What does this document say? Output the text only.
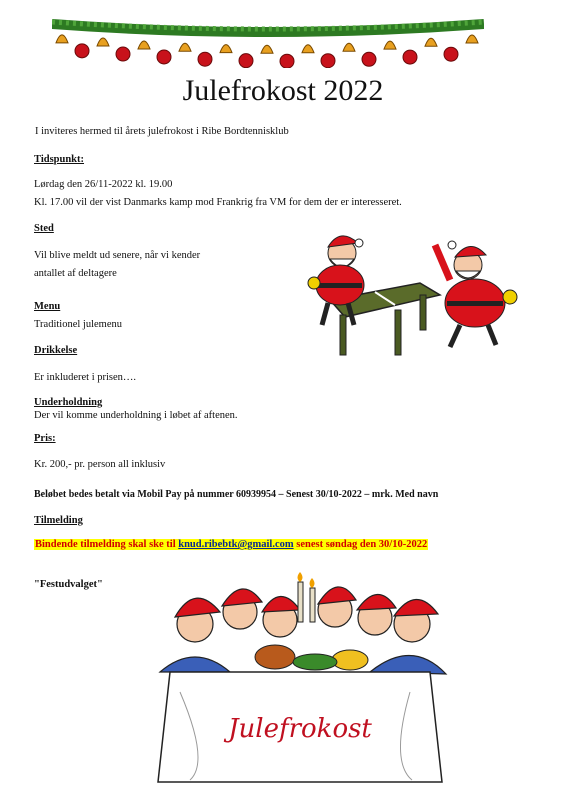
Julefrokost 2022
I inviteres hermed til årets julefrokost i Ribe Bordtennisklub
Tidspunkt:
Lørdag den 26/11-2022 kl. 19.00
Kl. 17.00 vil der vist Danmarks kamp mod Frankrig fra VM for dem der er interesseret.
Sted
Vil blive meldt ud senere, når vi kender
antallet af deltagere
Menu
Traditionel julemenu
Drikkelse
Er inkluderet i prisen….
Underholdning
Der vil komme underholdning i løbet af aftenen.
Pris:
Kr. 200,- pr. person all inklusiv
Beløbet bedes betalt via Mobil Pay på nummer 60939954 – Senest 30/10-2022 – mrk. Med navn
Tilmelding
Bindende tilmelding skal ske til knud.ribebtk@gmail.com senest søndag den 30/10-2022
"Festudvalget"
Julefrokost
